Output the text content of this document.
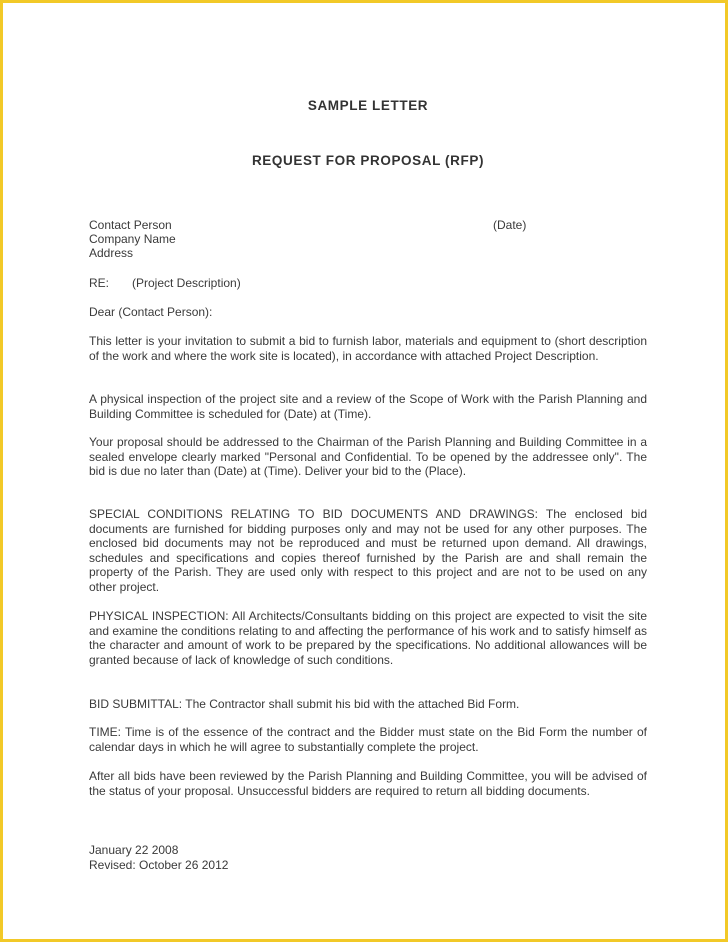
SAMPLE LETTER
REQUEST FOR PROPOSAL (RFP)
Contact Person
Company Name
Address
(Date)
RE: (Project Description)
Dear (Contact Person):
This letter is your invitation to submit a bid to furnish labor, materials and equipment to (short description of the work and where the work site is located), in accordance with attached Project Description.
A physical inspection of the project site and a review of the Scope of Work with the Parish Planning and Building Committee is scheduled for (Date) at (Time).
Your proposal should be addressed to the Chairman of the Parish Planning and Building Committee in a sealed envelope clearly marked "Personal and Confidential. To be opened by the addressee only". The bid is due no later than (Date) at (Time). Deliver your bid to the (Place).
SPECIAL CONDITIONS RELATING TO BID DOCUMENTS AND DRAWINGS: The enclosed bid documents are furnished for bidding purposes only and may not be used for any other purposes. The enclosed bid documents may not be reproduced and must be returned upon demand. All drawings, schedules and specifications and copies thereof furnished by the Parish are and shall remain the property of the Parish. They are used only with respect to this project and are not to be used on any other project.
PHYSICAL INSPECTION: All Architects/Consultants bidding on this project are expected to visit the site and examine the conditions relating to and affecting the performance of his work and to satisfy himself as the character and amount of work to be prepared by the specifications. No additional allowances will be granted because of lack of knowledge of such conditions.
BID SUBMITTAL: The Contractor shall submit his bid with the attached Bid Form.
TIME: Time is of the essence of the contract and the Bidder must state on the Bid Form the number of calendar days in which he will agree to substantially complete the project.
After all bids have been reviewed by the Parish Planning and Building Committee, you will be advised of the status of your proposal. Unsuccessful bidders are required to return all bidding documents.
January 22 2008
Revised: October 26 2012
